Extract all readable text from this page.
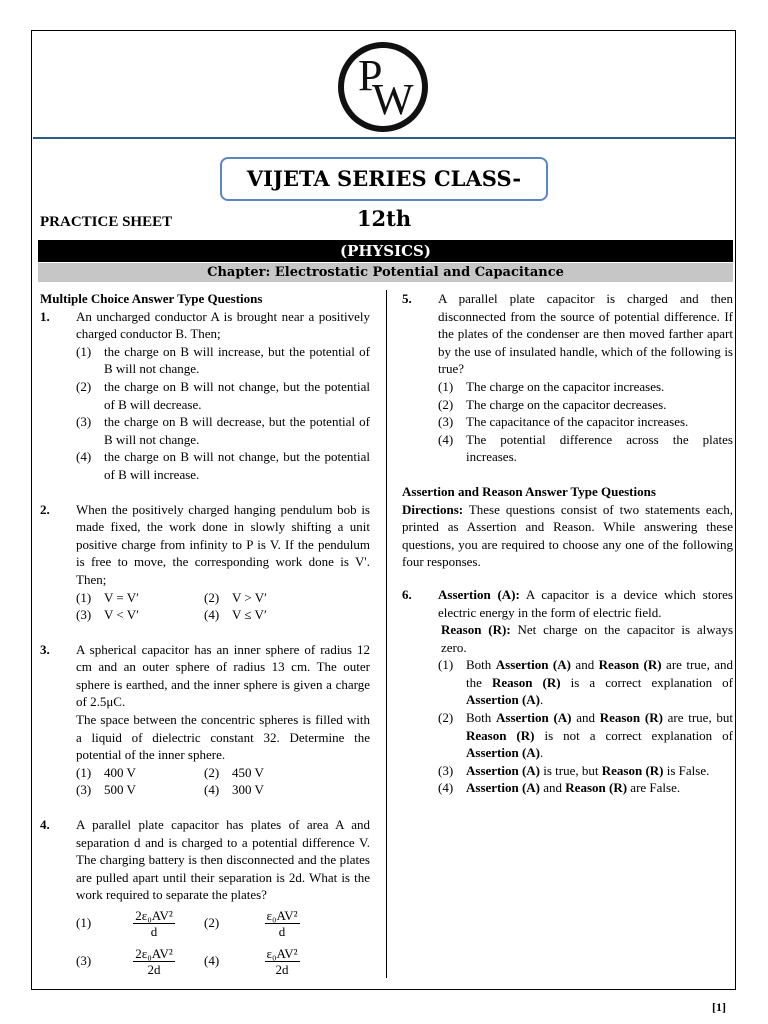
P
W
VIJETA SERIES CLASS-12th
PRACTICE SHEET
(PHYSICS)
Chapter: Electrostatic Potential and Capacitance
Multiple Choice Answer Type Questions
1.	An uncharged conductor A is brought near a positively charged conductor B. Then;
(1) the charge on B will increase, but the potential of B will not change.
(2) the charge on B will not change, but the potential of B will decrease.
(3) the charge on B will decrease, but the potential of B will not change.
(4) the charge on B will not change, but the potential of B will increase.
2.	When the positively charged hanging pendulum bob is made fixed, the work done in slowly shifting a unit positive charge from infinity to P is V. If the pendulum is free to move, the corresponding work done is V'. Then;
(1) V = V′	(2) V > V′
(3) V < V′	(4) V ≤ V′
3.	A spherical capacitor has an inner sphere of radius 12 cm and an outer sphere of radius 13 cm. The outer sphere is earthed, and the inner sphere is given a charge of 2.5μC.
The space between the concentric spheres is filled with a liquid of dielectric constant 32. Determine the potential of the inner sphere.
(1) 400 V	(2) 450 V
(3) 500 V	(4) 300 V
4.	A parallel plate capacitor has plates of area A and separation d and is charged to a potential difference V. The charging battery is then disconnected and the plates are pulled apart until their separation is 2d. What is the work required to separate the plates?
$(1) \frac{\text{2ε₀AV²}}{d} (2) \frac{\text{ε₀AV²}}{d}$
$(3) \frac{\text{2ε₀AV²}}{2d} (4) \frac{\text{ε₀AV²}}{2d}$
5.	A parallel plate capacitor is charged and then disconnected from the source of potential difference. If the plates of the condenser are then moved farther apart by the use of insulated handle, which of the following is true?
(1) The charge on the capacitor increases.
(2) The charge on the capacitor decreases.
(3) The capacitance of the capacitor increases.
(4) The potential difference across the plates increases.
Assertion and Reason Answer Type Questions
Directions: These questions consist of two statements each, printed as Assertion and Reason. While answering these questions, you are required to choose any one of the following four responses.
6.	Assertion (A): A capacitor is a device which stores electric energy in the form of electric field.
Reason (R): Net charge on the capacitor is always zero.
(1) Both Assertion (A) and Reason (R) are true, and the Reason (R) is a correct explanation of Assertion (A).
(2) Both Assertion (A) and Reason (R) are true, but Reason (R) is not a correct explanation of Assertion (A).
(3) Assertion (A) is true, but Reason (R) is False.
(4) Assertion (A) and Reason (R) are False.
[1]
